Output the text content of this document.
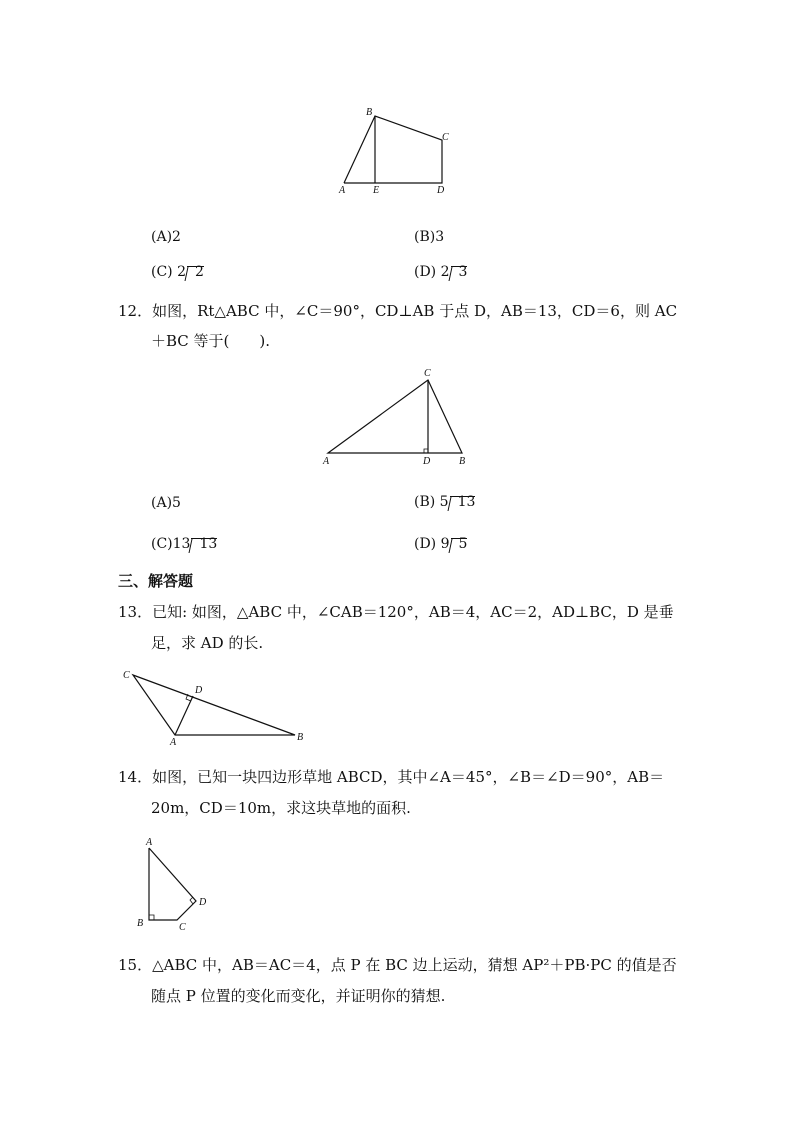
B
C
A	E	D
(A)2	(B)3
(C) 2 2	(D) 2 3
12．如图，Rt△ABC 中，∠C＝90°，CD⊥AB 于点 D，AB＝13，CD＝6，则 AC
＋BC 等于(　　).
C
A	D	B
(A)5	(B) 5 13
(C)13 13	(D) 9 5
三、解答题
13．已知: 如图，△ABC 中，∠CAB＝120°，AB＝4，AC＝2，AD⊥BC，D 是垂
足，求 AD 的长.
C
D
A	B
14．如图，已知一块四边形草地 ABCD，其中∠A＝45°，∠B＝∠D＝90°，AB＝
20m，CD＝10m，求这块草地的面积.
A
D
B	C
15．△ABC 中，AB＝AC＝4，点 P 在 BC 边上运动，猜想 AP²＋PB·PC 的值是否
随点 P 位置的变化而变化，并证明你的猜想.
